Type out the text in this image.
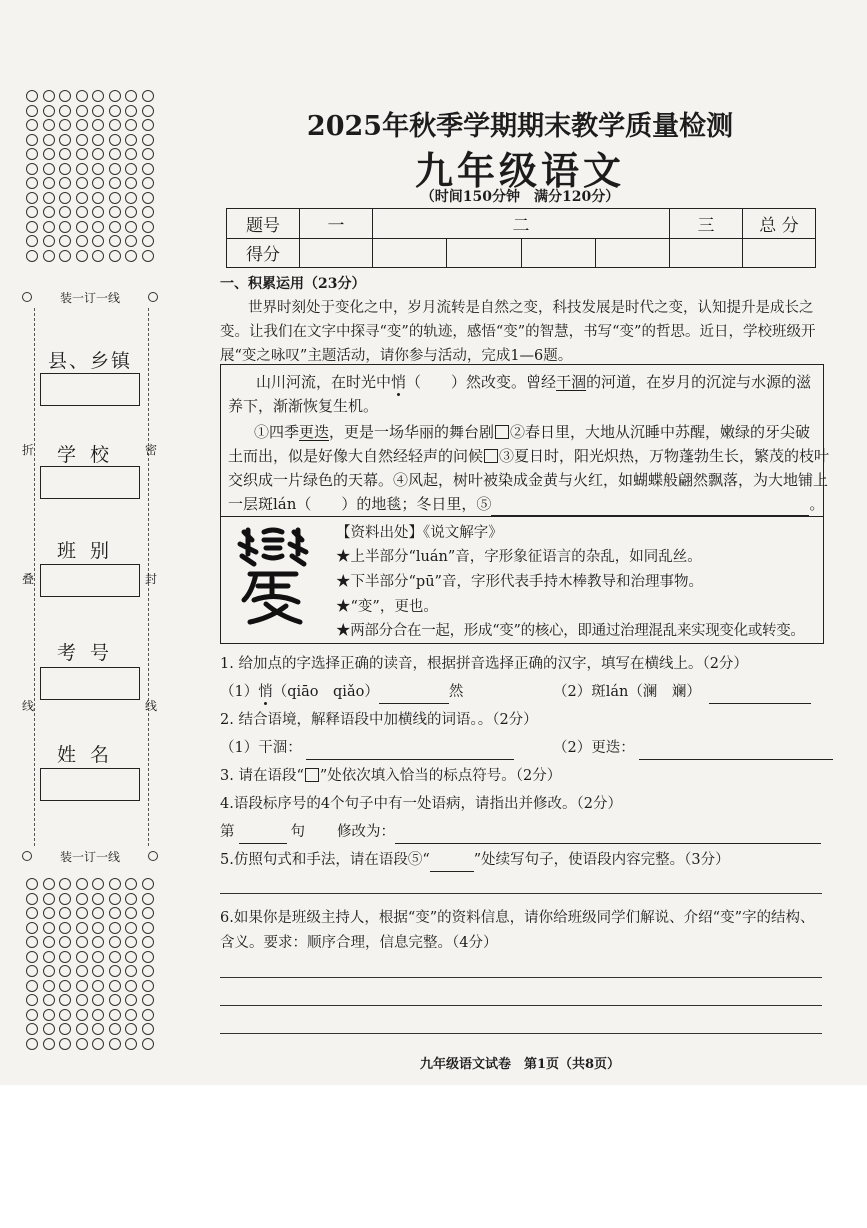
装一订一线
折	密
叠	封
线	线
县、乡镇
学校
班别
考号
姓名
装一订一线
2025年秋季学期期末教学质量检测
九年级语文
（时间150分钟　满分120分）
题号	一	二				三	总 分
得分							
一、积累运用（23分）
世界时刻处于变化之中，岁月流转是自然之变，科技发展是时代之变，认知提升是成长之
变。让我们在文字中探寻“变”的轨迹，感悟“变”的智慧，书写“变”的哲思。近日，学校班级开
展“变之咏叹”主题活动，请你参与活动，完成1—6题。
山川河流，在时光中悄（　　）然改变。曾经干涸的河道，在岁月的沉淀与水源的滋
养下，渐渐恢复生机。
①四季更迭，更是一场华丽的舞台剧 ②春日里，大地从沉睡中苏醒，嫩绿的牙尖破
土而出，似是好像大自然经轻声的问候 ③夏日时，阳光炽热，万物蓬勃生长，繁茂的枝叶
交织成一片绿色的天幕。④风起，树叶被染成金黄与火红，如蝴蝶般翩然飘落，为大地铺上
一层斑lán（　　）的地毯；冬日里，⑤	。
【资料出处】《说文解字》
★上半部分“luán”音，字形象征语言的杂乱，如同乱丝。
★下半部分“pū”音，字形代表手持木棒教导和治理事物。
★“变”，更也。
★两部分合在一起，形成“变”的核心，即通过治理混乱来实现变化或转变。
1. 给加点的字选择正确的读音，根据拼音选择正确的汉字，填写在横线上。（2分）
（1）悄（qiāo　qiǎo）	然	（2）斑lán（澜　斓）
2. 结合语境，解释语段中加横线的词语。。（2分）
（1）干涸：	（2）更迭：
3. 请在语段“ ”处依次填入恰当的标点符号。（2分）
4.语段标序号的4个句子中有一处语病，请指出并修改。（2分）
第	句 修改为：
5.仿照句式和手法，请在语段⑤“	”处续写句子，使语段内容完整。（3分）
6.如果你是班级主持人，根据“变”的资料信息，请你给班级同学们解说、介绍“变”字的结构、
含义。要求：顺序合理，信息完整。（4分）
九年级语文试卷　第1页（共8页）
